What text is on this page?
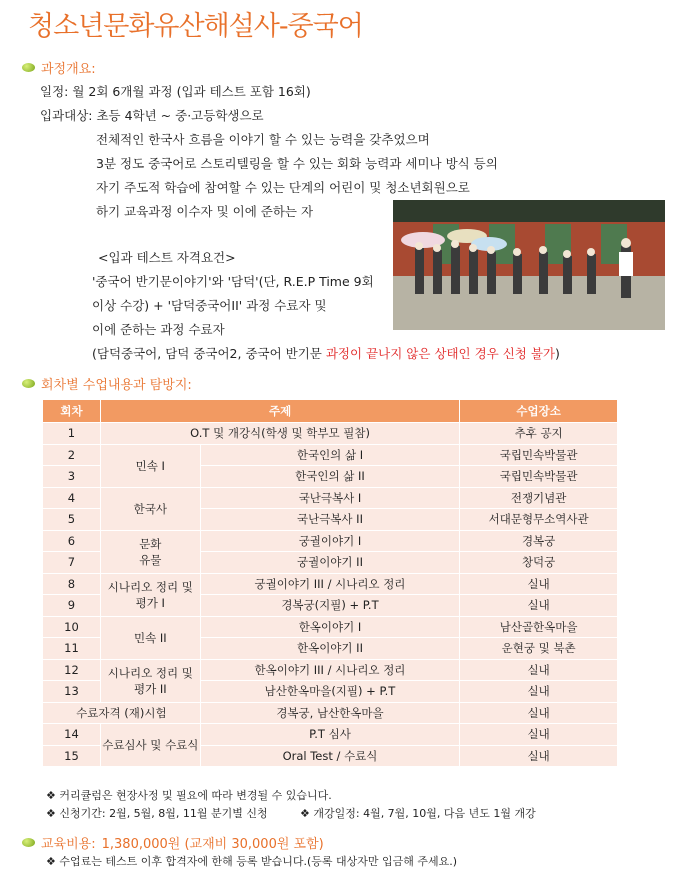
청소년문화유산해설사-중국어
과정개요:
일정: 월 2회 6개월 과정 (입과 테스트 포함 16회)
입과대상: 초등 4학년 ~ 중·고등학생으로
전체적인 한국사 흐름을 이야기 할 수 있는 능력을 갖추었으며
3분 정도 중국어로 스토리텔링을 할 수 있는 회화 능력과 세미나 방식 등의
자기 주도적 학습에 참여할 수 있는 단계의 어린이 및 청소년회원으로
하기 교육과정 이수자 및 이에 준하는 자
<입과 테스트 자격요건>
'중국어 반기문이야기'와 '담덕'(단, R.E.P Time 9회
이상 수강) + '담덕중국어II' 과정 수료자 및
이에 준하는 과정 수료자
(담덕중국어, 담덕 중국어2, 중국어 반기문 과정이 끝나지 않은 상태인 경우 신청 불가)
회차별 수업내용과 탐방지:
회차	주제		수업장소
1	O.T 및 개강식(학생 및 학부모 필참)		추후 공지
2	민속 I	한국인의 삶 I	국립민속박물관
3		한국인의 삶 II	국립민속박물관
4	한국사	국난극복사 I	전쟁기념관
5		국난극복사 II	서대문형무소역사관
6	문화
유물	궁궐이야기 I	경복궁
7		궁궐이야기 II	창덕궁
8	시나리오 정리 및
평가 I	궁궐이야기 III / 시나리오 정리	실내
9		경복궁(지필) + P.T	실내
10	민속 II	한옥이야기 I	남산골한옥마을
11		한옥이야기 II	운현궁 및 북촌
12	시나리오 정리 및
평가 II	한옥이야기 III / 시나리오 정리	실내
13		남산한옥마을(지필) + P.T	실내
수료자격 (재)시험		경복궁, 남산한옥마을	실내
14	수료심사 및 수료식	P.T 심사	실내
15		Oral Test / 수료식	실내
❖ 커리큘럼은 현장사정 및 필요에 따라 변경될 수 있습니다.
❖ 신청기간: 2월, 5월, 8월, 11월 분기별 신청	❖ 개강일정: 4월, 7월, 10월, 다음 년도 1월 개강
교육비용: 1,380,000원 (교재비 30,000원 포함)
❖ 수업료는 테스트 이후 합격자에 한해 등록 받습니다.(등록 대상자만 입금해 주세요.)
